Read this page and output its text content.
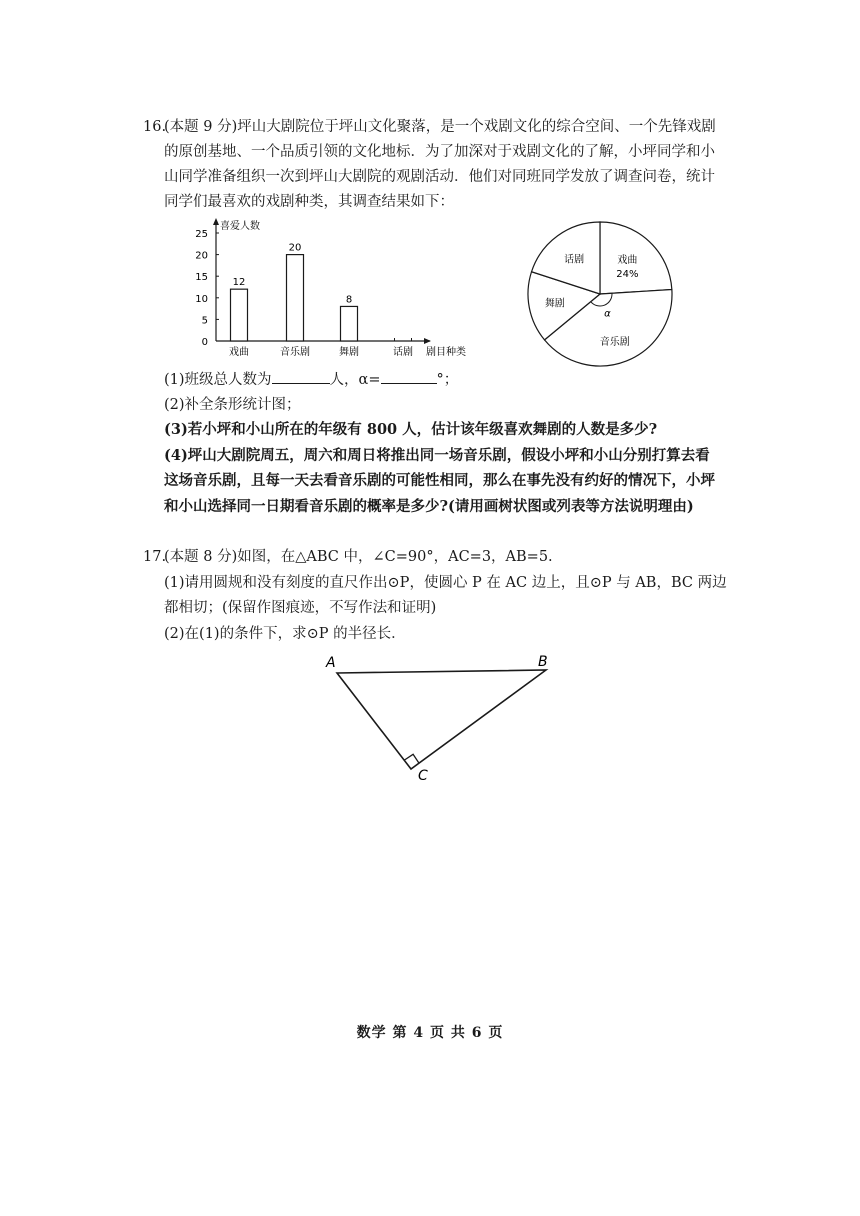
16.
(本题 9 分)坪山大剧院位于坪山文化聚落，是一个戏剧文化的综合空间、一个先锋戏剧
的原创基地、一个品质引领的文化地标．为了加深对于戏剧文化的了解，小坪同学和小
山同学准备组织一次到坪山大剧院的观剧活动．他们对同班同学发放了调查问卷，统计
同学们最喜欢的戏剧种类，其调查结果如下：
喜爱人数
剧目种类
0
5
10
15
20
25
12
戏曲
20
音乐剧
8
舞剧	话剧
戏曲
24%
音乐剧
舞剧
话剧
α
(1)班级总人数为	人，α=	°；
(2)补全条形统计图；
(3)若小坪和小山所在的年级有 800 人，估计该年级喜欢舞剧的人数是多少?
(4)坪山大剧院周五，周六和周日将推出同一场音乐剧，假设小坪和小山分别打算去看
这场音乐剧，且每一天去看音乐剧的可能性相同，那么在事先没有约好的情况下，小坪
和小山选择同一日期看音乐剧的概率是多少?(请用画树状图或列表等方法说明理由)
17.
(本题 8 分)如图，在△ABC 中，∠C=90°，AC=3，AB=5.
(1)请用圆规和没有刻度的直尺作出⊙P，使圆心 P 在 AC 边上，且⊙P 与 AB，BC 两边
都相切；(保留作图痕迹，不写作法和证明)
(2)在(1)的条件下，求⊙P 的半径长．
A	B
C
数学 第 4 页 共 6 页
